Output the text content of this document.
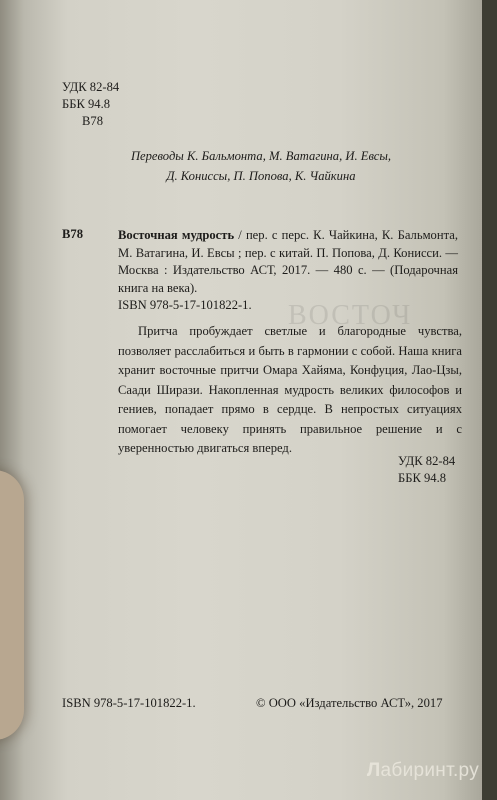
ВОСТОЧ
УДК 82-84
ББК 94.8
В78
Переводы К. Бальмонта, М. Ватагина, И. Евсы,
Д. Кониссы, П. Попова, К. Чайкина
В78	Восточная мудрость / пер. с перс. К. Чайкина, К. Бальмонта, М. Ватагина, И. Евсы ; пер. с китай. П. Попова, Д. Конисси. — Москва : Издательство АСТ, 2017. — 480 с. — (Подарочная книга на века).
ISBN 978-5-17-101822-1.

Притча пробуждает светлые и благородные чувства, позволяет расслабиться и быть в гармонии с собой. Наша книга хранит восточные притчи Омара Хайяма, Конфуция, Лао-Цзы, Саади Ширази. Накопленная мудрость великих философов и гениев, попадает прямо в сердце. В непростых ситуациях помогает человеку принять правильное решение и с уверенностью двигаться вперед.

УДК 82-84
ББК 94.8
ISBN 978-5-17-101822-1.	© ООО «Издательство АСТ», 2017
Лабиринт.ру
